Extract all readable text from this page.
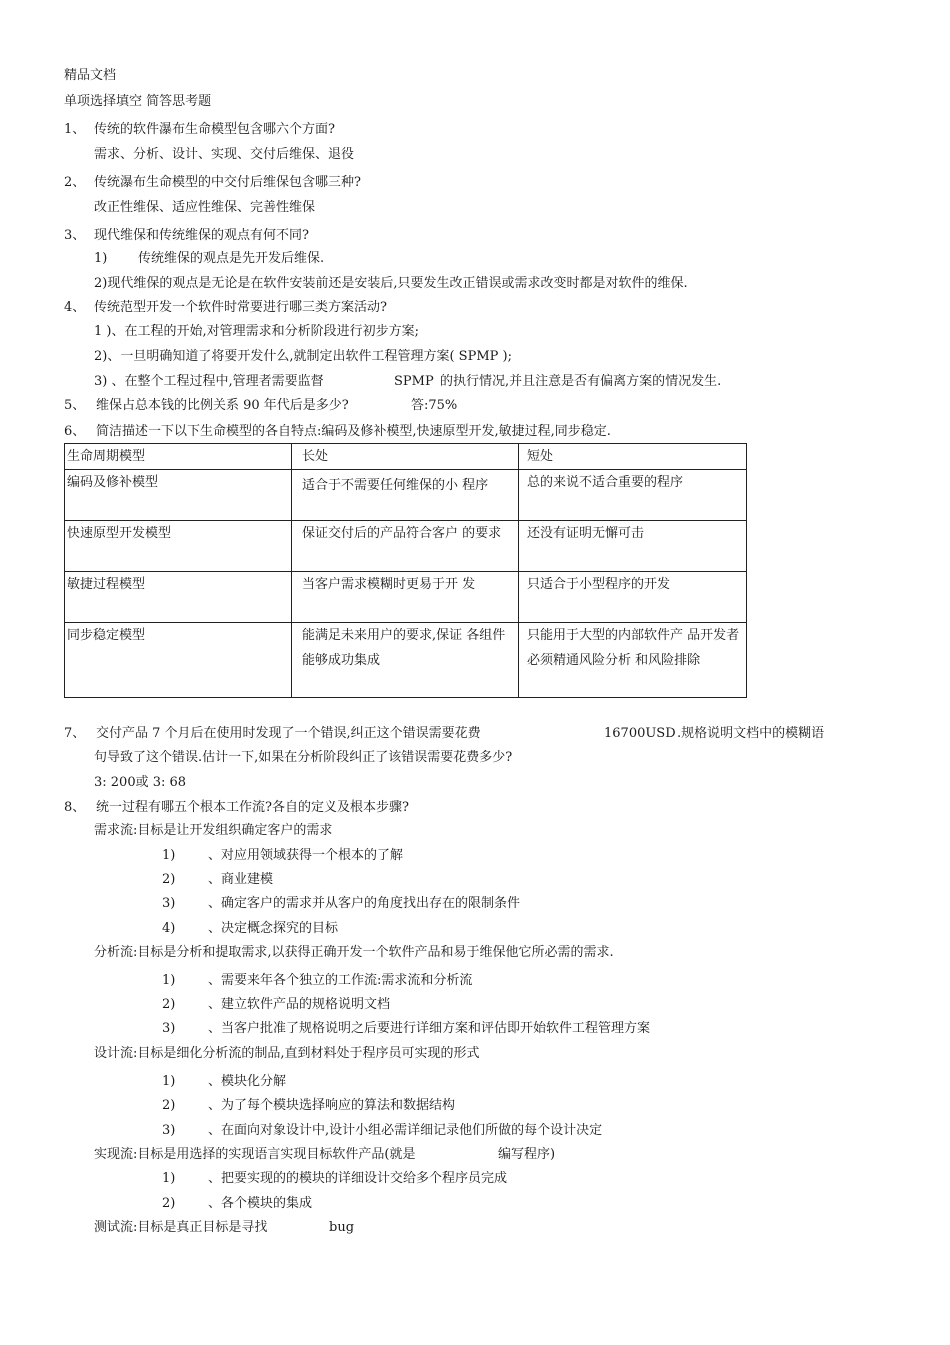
精品文档
单项选择填空 简答思考题
1、 传统的软件瀑布生命模型包含哪六个方面?
需求、分析、设计、实现、交付后维保、退役
2、 传统瀑布生命模型的中交付后维保包含哪三种?
改正性维保、适应性维保、完善性维保
3、 现代维保和传统维保的观点有何不同?
1) 传统维保的观点是先开发后维保.
2)现代维保的观点是无论是在软件安装前还是安装后,只要发生改正错误或需求改变时都是对软件的维保.
4、 传统范型开发一个软件时常要进行哪三类方案活动?
1 )、在工程的开始,对管理需求和分析阶段进行初步方案;
2)、一旦明确知道了将要开发什么,就制定出软件工程管理方案( SPMP );
3) 、在整个工程过程中,管理者需要监督	SPMP 的执行情况,并且注意是否有偏离方案的情况发生.
5、 维保占总本钱的比例关系 90 年代后是多少?	答:75%
6、 简洁描述一下以下生命模型的各自特点:编码及修补模型,快速原型开发,敏捷过程,同步稳定.
生命周期模型	长处	短处
编码及修补模型	适合于不需要任何维保的小 程序	总的来说不适合重要的程序
快速原型开发模型	保证交付后的产品符合客户 的要求	还没有证明无懈可击
敏捷过程模型	当客户需求模糊时更易于开 发	只适合于小型程序的开发
同步稳定模型	能满足未来用户的要求,保证 各组件能够成功集成	只能用于大型的内部软件产 品开发者必须精通风险分析 和风险排除
7、 交付产品 7 个月后在使用时发现了一个错误,纠正这个错误需要花费	16700USD .规格说明文档中的模糊语
句导致了这个错误.估计一下,如果在分析阶段纠正了该错误需要花费多少?
3: 200或 3: 68
8、 统一过程有哪五个根本工作流?各自的定义及根本步骤?
需求流:目标是让开发组织确定客户的需求
1)	、对应用领域获得一个根本的了解
2)	、商业建模
3)	、确定客户的需求并从客户的角度找出存在的限制条件
4)	、决定概念探究的目标
分析流:目标是分析和提取需求,以获得正确开发一个软件产品和易于维保他它所必需的需求.
1)	、需要来年各个独立的工作流:需求流和分析流
2)	、建立软件产品的规格说明文档
3)	、当客户批准了规格说明之后要进行详细方案和评估即开始软件工程管理方案
设计流:目标是细化分析流的制品,直到材料处于程序员可实现的形式
1)	、模块化分解
2)	、为了每个模块选择响应的算法和数据结构
3)	、在面向对象设计中,设计小组必需详细记录他们所做的每个设计决定
实现流:目标是用选择的实现语言实现目标软件产品(就是	编写程序)
1)	、把要实现的的模块的详细设计交给多个程序员完成
2)	、各个模块的集成
测试流:目标是真正目标是寻找	bug
